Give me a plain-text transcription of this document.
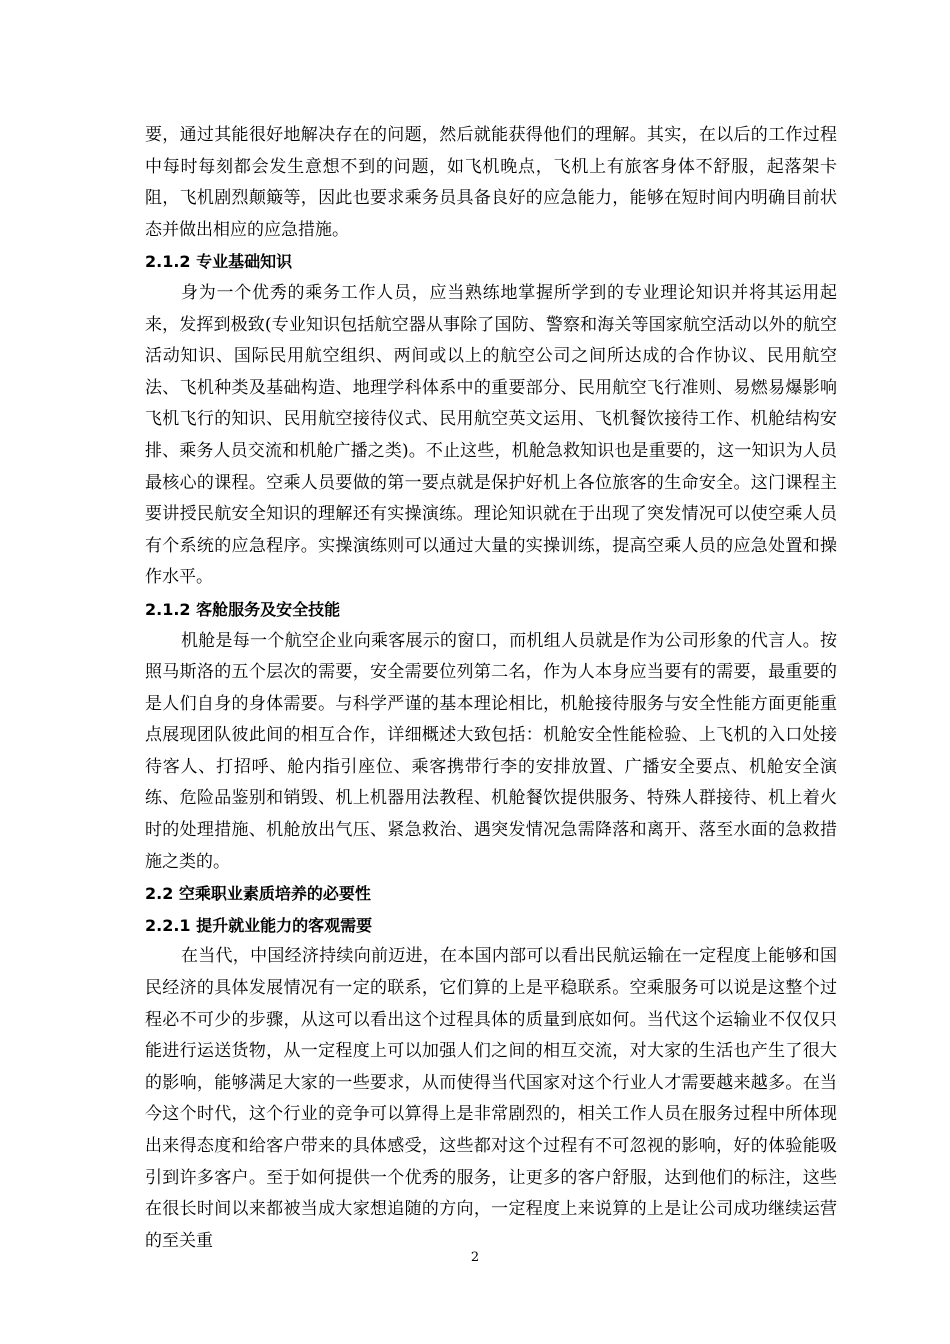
要，通过其能很好地解决存在的问题，然后就能获得他们的理解。其实，在以后的工作过程中每时每刻都会发生意想不到的问题，如飞机晚点，飞机上有旅客身体不舒服，起落架卡阻，飞机剧烈颠簸等，因此也要求乘务员具备良好的应急能力，能够在短时间内明确目前状态并做出相应的应急措施。

2.1.2 专业基础知识

身为一个优秀的乘务工作人员，应当熟练地掌握所学到的专业理论知识并将其运用起来，发挥到极致(专业知识包括航空器从事除了国防、警察和海关等国家航空活动以外的航空活动知识、国际民用航空组织、两间或以上的航空公司之间所达成的合作协议、民用航空法、飞机种类及基础构造、地理学科体系中的重要部分、民用航空飞行准则、易燃易爆影响飞机飞行的知识、民用航空接待仪式、民用航空英文运用、飞机餐饮接待工作、机舱结构安排、乘务人员交流和机舱广播之类)。不止这些，机舱急救知识也是重要的，这一知识为人员最核心的课程。空乘人员要做的第一要点就是保护好机上各位旅客的生命安全。这门课程主要讲授民航安全知识的理解还有实操演练。理论知识就在于出现了突发情况可以使空乘人员有个系统的应急程序。实操演练则可以通过大量的实操训练，提高空乘人员的应急处置和操作水平。

2.1.2 客舱服务及安全技能

机舱是每一个航空企业向乘客展示的窗口，而机组人员就是作为公司形象的代言人。按照马斯洛的五个层次的需要，安全需要位列第二名，作为人本身应当要有的需要，最重要的是人们自身的身体需要。与科学严谨的基本理论相比，机舱接待服务与安全性能方面更能重点展现团队彼此间的相互合作，详细概述大致包括：机舱安全性能检验、上飞机的入口处接待客人、打招呼、舱内指引座位、乘客携带行李的安排放置、广播安全要点、机舱安全演练、危险品鉴别和销毁、机上机器用法教程、机舱餐饮提供服务、特殊人群接待、机上着火时的处理措施、机舱放出气压、紧急救治、遇突发情况急需降落和离开、落至水面的急救措施之类的。

2.2 空乘职业素质培养的必要性
2.2.1 提升就业能力的客观需要

在当代，中国经济持续向前迈进，在本国内部可以看出民航运输在一定程度上能够和国民经济的具体发展情况有一定的联系，它们算的上是平稳联系。空乘服务可以说是这整个过程必不可少的步骤，从这可以看出这个过程具体的质量到底如何。当代这个运输业不仅仅只能进行运送货物，从一定程度上可以加强人们之间的相互交流，对大家的生活也产生了很大的影响，能够满足大家的一些要求，从而使得当代国家对这个行业人才需要越来越多。在当今这个时代，这个行业的竞争可以算得上是非常剧烈的，相关工作人员在服务过程中所体现出来得态度和给客户带来的具体感受，这些都对这个过程有不可忽视的影响，好的体验能吸引到许多客户。至于如何提供一个优秀的服务，让更多的客户舒服，达到他们的标注，这些在很长时间以来都被当成大家想追随的方向，一定程度上来说算的上是让公司成功继续运营的至关重

2
